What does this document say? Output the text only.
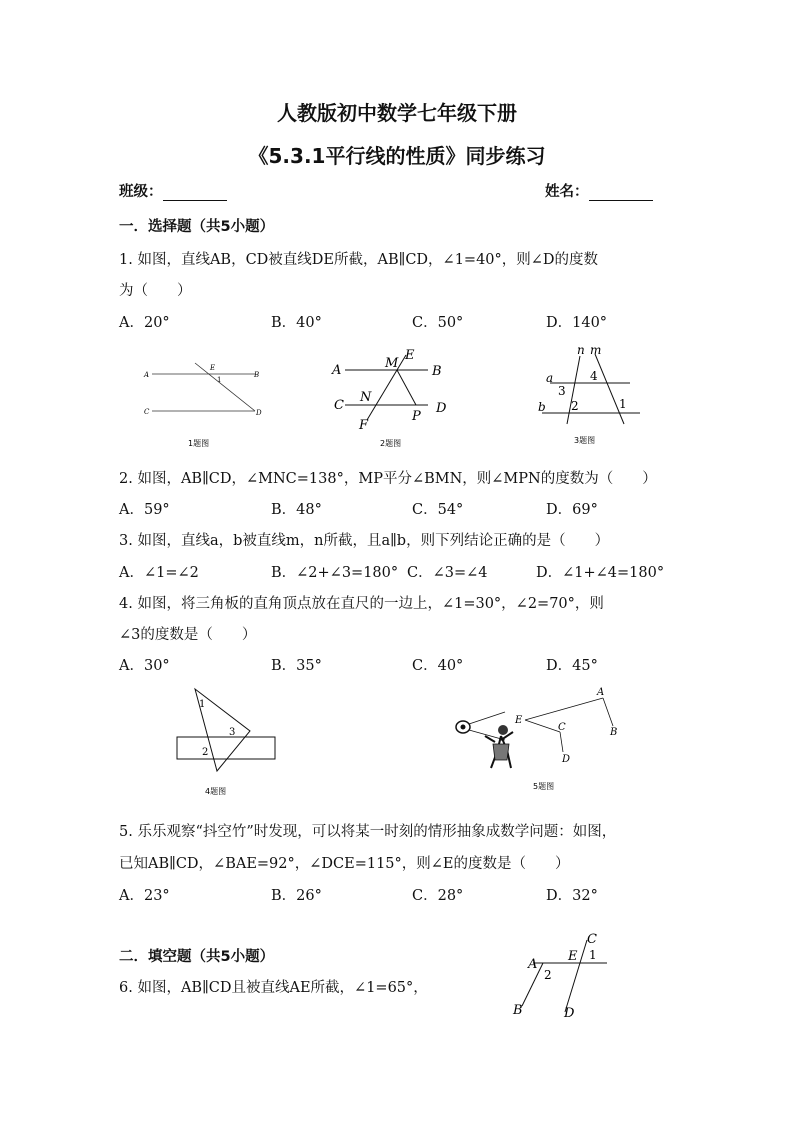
人教版初中数学七年级下册
《5.3.1平行线的性质》同步练习
班级：	姓名：
一．选择题（共5小题）
1. 如图，直线AB，CD被直线DE所截，AB∥CD，∠1=40°，则∠D的度数
为（　　）
A．20°	B．40°	C．50°	D．140°
A
E
1
B
C	D
1题图
M
E
A	B
N
C	D
F
P
2题图
n m
a	4
3
b 2	1
3题图
2. 如图，AB∥CD，∠MNC=138°，MP平分∠BMN，则∠MPN的度数为（　　）
A．59°	B．48°	C．54°	D．69°
3. 如图，直线a，b被直线m，n所截，且a∥b，则下列结论正确的是（　　）
A．∠1=∠2	B．∠2+∠3=180° C．∠3=∠4	D．∠1+∠4=180°
4. 如图，将三角板的直角顶点放在直尺的一边上，∠1=30°，∠2=70°，则
∠3的度数是（　　）
A．30°	B．35°	C．40°	D．45°
1
3
2
4题图
A
E
C	B
D
5题图
5. 乐乐观察“抖空竹”时发现，可以将某一时刻的情形抽象成数学问题：如图，
已知AB∥CD，∠BAE=92°，∠DCE=115°，则∠E的度数是（　　）
A．23°	B．26°	C．28°	D．32°
二．填空题（共5小题）
6. 如图，AB∥CD且被直线AE所截，∠1=65°，
C
A
E 1
2
B	D
